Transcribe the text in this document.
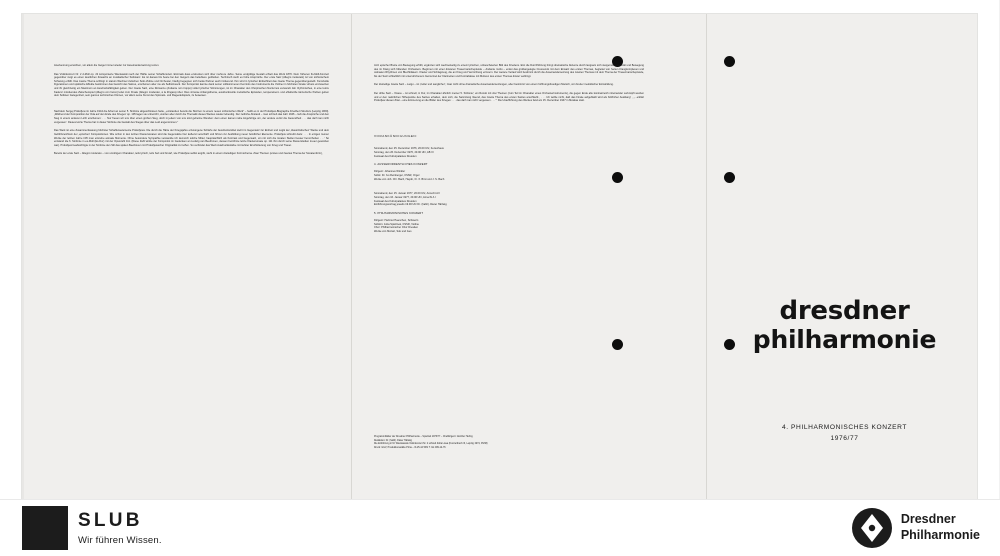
Anerkennung erworben, vor allem die Geiger immer wieder zur Auseinandersetzung reizen.

Das Violinkonzert Nr. 2 d-Moll op. 22 komponierte Wieniawski nach der Hälfte seiner Schaffenszeit. Erstmals dass erstrecken sich über mehrere Jahre. Seine endgültige Gestalt erhielt das Werk 1870. Dem früheren fis-Moll-Konzert gegenüber zeigt es einen deutlichen Zuwachs an musikalischer Substanz. Es ist daraus bis heute bei den Geigern das beliebtere geblieben. Technisch steht es hohe Ansprüche. Der erste Satz (Allegro moderato) ist von sinfonischem Schwung erfüllt. Das zweite Thema schlingt in statum Wechsel zwischen Solo-Violine und Orchester, häufig begegnen sich beide Partner auch imitierend. Ihm wird in lyrischer Einfachheit das zweite Thema gegenübergestellt. Kunstvolle Figurationen und spätische Effekte bestimmen das Gesicht des Satzes, erscheinen aber nie als Selbstzweck. Der Komponist kannte dank seiner vollkommenen Kenntnis des Instruments die Violine im höchsten Grade virtuos einzusetzen und ihr gleichzeitig ein Maximum an Ausdrucksfähigkeit geben. Der zweite Satz, eine Romanze (Andante non troppo) voller lyrischer Stimmungen, ist im Charakter den Chopinschen Nocturnos verwandt. Ein rhythmisches, in eine kurze Kadenz mündendes Zwischenspiel (Allegro con fuoco) leitet zum Finale (Allegro moderato, à la Zingara) über. Dies virtuose Anfangsthema, ausdrucksvolle melodische Episoden, temperament- und effektvolle tänzerische Partien geben dem Solisten Gelegenheit, sein ganzes technisches Können, vor allem seine Kunst des Spiccato- und Flageolettspiels, zu beweisen.

Nachdem Sergej Prokofjew im Jahre 1944 die Arbeit an seiner 5. Sinfonie abgeschlossen hatte, „entstanden bereits die Skizzen zu einem neuen sinfonischen Werk" – heißt es in der Prokofjew-Biographie Friedbert Streifers (Leipzig 1960). „Während der Komposition der Oda auf den Ende des Krieges' op. 105 lagen sie unberührt, wurden aber durch die Thematik dieses Werkes wieder lebendig. Der zeitliche Abstand – man schrieb das Jahr 1946 – ließ die Ansprüche und den Sieg in einem anderen Licht erscheinen: . . . Nur freuen wir uns über einen großen Sieg, doch in jedem von uns sind geheime Wunden: dem einen kamen nahe Angehörige um, der andere verlor die Gesundheit . . . das darf man nicht vergessen'. Dieses letzte Thema hat in dieser Sinfonie die Gestalt des Sieges über das Leid angenommen."

Das Werk ist eine Zusammenfassung höchster Schaffenselemente Prokofjews. Die durch die Härte der Kriegsjahre erzwungene Schärfe der Ausdrucksmittel steht im Gegensatz zur Einheit und Logik der ,klassizistischen' Werke und dem Gefühlsreichtum der ,epischen' Kompositionen. Wie schon in den letzten Klaviersonaten sind die Gegensätze hier äußerst verschärft und führen zur Ausbildung neuer feindlicher Elemente. Prokofjew schreibt dazu: . . . In einigen meiner Werke der letzten Jahre trifft man einzelne atonale Momente. Ohne besondere Sympathie verwandte ich dennoch solche Mittel, hauptsächlich als Kontrast und Gegensatz, um mit sich die tonalen Stellen besser hervorheben . . .' So entstand die 6. Sinfonie in es-Moll (Es-Dur) mit der Opuszahl 111. (Diese Zahl wirkte der Komponist im Gedenken an Ludwig van Beethoven, dessen berühmte letzte Klaviersonate op. 111 ihm durch seine Klavierstudien treuer geworden war). Prokofjew beabsichtigte in der Sinfonie den Stil das späten Beethoven mit Prokofjewscher Originalität zu treffen. So verbindet das Werk Ausdrucksstärke mit tiefster Erschütterung von Krieg und Trauer.

Bereits der erste Satz – Allegro moderato – von unruhigem Charakter, teils lyrisch, teils hart und brutal', wie Prokofjew selbst angibt, steht in einem dreiteiligen Formschema. Zwei Themen (erstes und zweites Thema der Sonatenform),

trotz epischer Breite von Bewegung erfüllt, ergänzen sich wechselseitig zu einem lyrischen, unbeschwerten Bild des Friedens. Erst die Durchführung bringt dramatische Akzente durch langsam sich steigernde Intensität und Bewegung des im Klang sich füllenden Orchesters. Beginnen mit einer düsteren Trauermarschepisode – Andante molto – endet das großangelegte Crescendo mit dem Einsatz des ersten Themas, begleitet von harten Klangkomplexen und ostinaten Rhythmen von Blechbläsern. Klavier und Schlagzeug, die an Krieg und Vernichtung erinnern. Der weitere Verlauf wird bestimmt durch die Auseinandersetzung des zweiten Themas mit dem Thema der Trauermarschepisode, bis der Satz schließlich mit unterstrichenem Gemurmel der Klarinetten und Kontrabässe mit Motiven des ersten Themas düster verklingt.

Der dreiteilige zweite Satz – Largo – ist ,heller und sanglicher', zwar nicht ohne dramatische Auseinandersetzungen, aber bestimmt von einem hoffnungsfreudigen Marsch, von breiter melodischer Entwicklung.

Der dritte Satz – Vivace – ist schnell, in Dur, im Charakter ähnlich meiner 5. Sinfonie'; ein Rondo mit drei Themen (zum Teil im Charakter eines Orchesterinstruments), die gegen Ende alle kontrastreich miteinander verknüpft werden und er den natürlichen Höhepunkte des Satzes erhalten, dem sich, die Sammlung lösend, das zweite Thema des ersten Satzes anschließt , . . . Ich wollte nicht, daß das Finale aufgeblaßt wird als hölzlicher Ausklang' , „...erklärt Prokofjew diesen Zitat – eine Erinnerung an die Bilder des Krieges: . . . das darf man nicht vergessen . . .' " Die Uraufführung des Werkes fand am 15. Dezember 1947 in Moskau statt.

VORANKÜNDIGUNGEN:
Sonnabend, den 25. Dezember 1976, 20.00 Uhr, Ferienhaus
Sonntag, den 26. Dezember 1976, 20.00 Uhr, AB III
Festsaal des Kulturpalastes Dresden
4. AUSSERORDENTLICHES KONZERT
Dirigent: Johannes Winkler
Solist: Dr. Ivo Reinberger, CSSR, Orgel
Werke von Joh. Chr. Bach, Haydn, Fr. X. Brixi und J. S. Bach
Sonnabend, den 15. Januar 1977, 20.00 Uhr, Anrecht A II
Sonntag, den 16. Januar 1977, 20.00 Uhr, Anrecht A I
Festsaal des Kulturpalastes Dresden
Einführungsvortrag jeweils 19.00 Uhr Dr. (habil). Dieter Härtwig
5. PHILHARMONISCHES KONZERT
Dirigent: Hartmut Haenchen, Schwerin
Solistin: Jutta Spätznek, CSSR, Violine
Chor: Philharmonischer Chor Dresden
Werke von Mozart, Suk und Ives
Programmblätter der Dresdner Philharmonie – Spielzeit 1976/77 – Chefdirigent: Günther Herbig
Redaktion: Dr. (habil). Dieter Härtwig
Die Einführung in M. Wieniawskis Violinkonzert Nr. 2 schrieb Zofia Lissa (Konzertbuch III, Leipzig 1974, DVfM)
Druck: GGV, Produktionsstätte Pirna – III-25-12 5/81 T. 1kt 009-12-76
dresdner
philharmonie
4. PHILHARMONISCHES KONZERT
1976/77
SLUB
Wir führen Wissen.
Dresdner
Philharmonie
